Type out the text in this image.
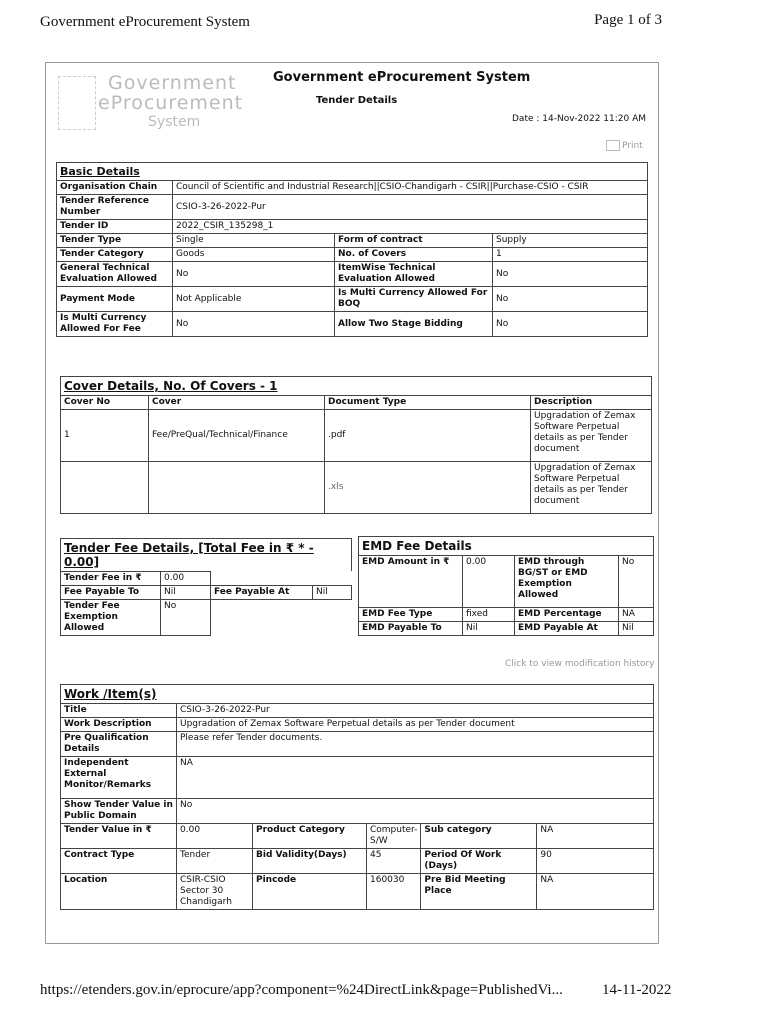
Government eProcurement System	Page 1 of 3
Government
eProcurement
System
Government eProcurement System
Tender Details
Date : 14-Nov-2022 11:20 AM
Print
Basic Details
Organisation Chain	Council of Scientific and Industrial Research||CSIO-Chandigarh - CSIR||Purchase-CSIO - CSIR		
Tender Reference Number	CSIO-3-26-2022-Pur		
Tender ID	2022_CSIR_135298_1		
Tender Type	Single	Form of contract	Supply
Tender Category	Goods	No. of Covers	1
General Technical Evaluation Allowed	No	ItemWise Technical Evaluation Allowed	No
Payment Mode	Not Applicable	Is Multi Currency Allowed For BOQ	No
Is Multi Currency Allowed For Fee	No	Allow Two Stage Bidding	No
Cover Details, No. Of Covers - 1
Cover No	Cover	Document Type	Description
1	Fee/PreQual/Technical/Finance	.pdf	Upgradation of Zemax Software Perpetual details as per Tender document
		.xls	Upgradation of Zemax Software Perpetual details as per Tender document
Tender Fee Details, [Total Fee in ₹ * - 0.00]
Tender Fee in ₹	0.00		
Fee Payable To	Nil	Fee Payable At	Nil
Tender Fee Exemption Allowed	No		
EMD Fee Details
EMD Amount in ₹	0.00	EMD through BG/ST or EMD Exemption Allowed	No
EMD Fee Type	fixed	EMD Percentage	NA
EMD Payable To	Nil	EMD Payable At	Nil
Click to view modification history
Work /Item(s)
Title	CSIO-3-26-2022-Pur				
Work Description	Upgradation of Zemax Software Perpetual details as per Tender document				
Pre Qualification Details	Please refer Tender documents.				
Independent External Monitor/Remarks	NA				
Show Tender Value in Public Domain	No				
Tender Value in ₹	0.00	Product Category	Computer-S/W	Sub category	NA
Contract Type	Tender	Bid Validity(Days)	45	Period Of Work (Days)	90
Location	CSIR-CSIO Sector 30 Chandigarh	Pincode	160030	Pre Bid Meeting Place	NA
https://etenders.gov.in/eprocure/app?component=%24DirectLink&page=PublishedVi...	14-11-2022
